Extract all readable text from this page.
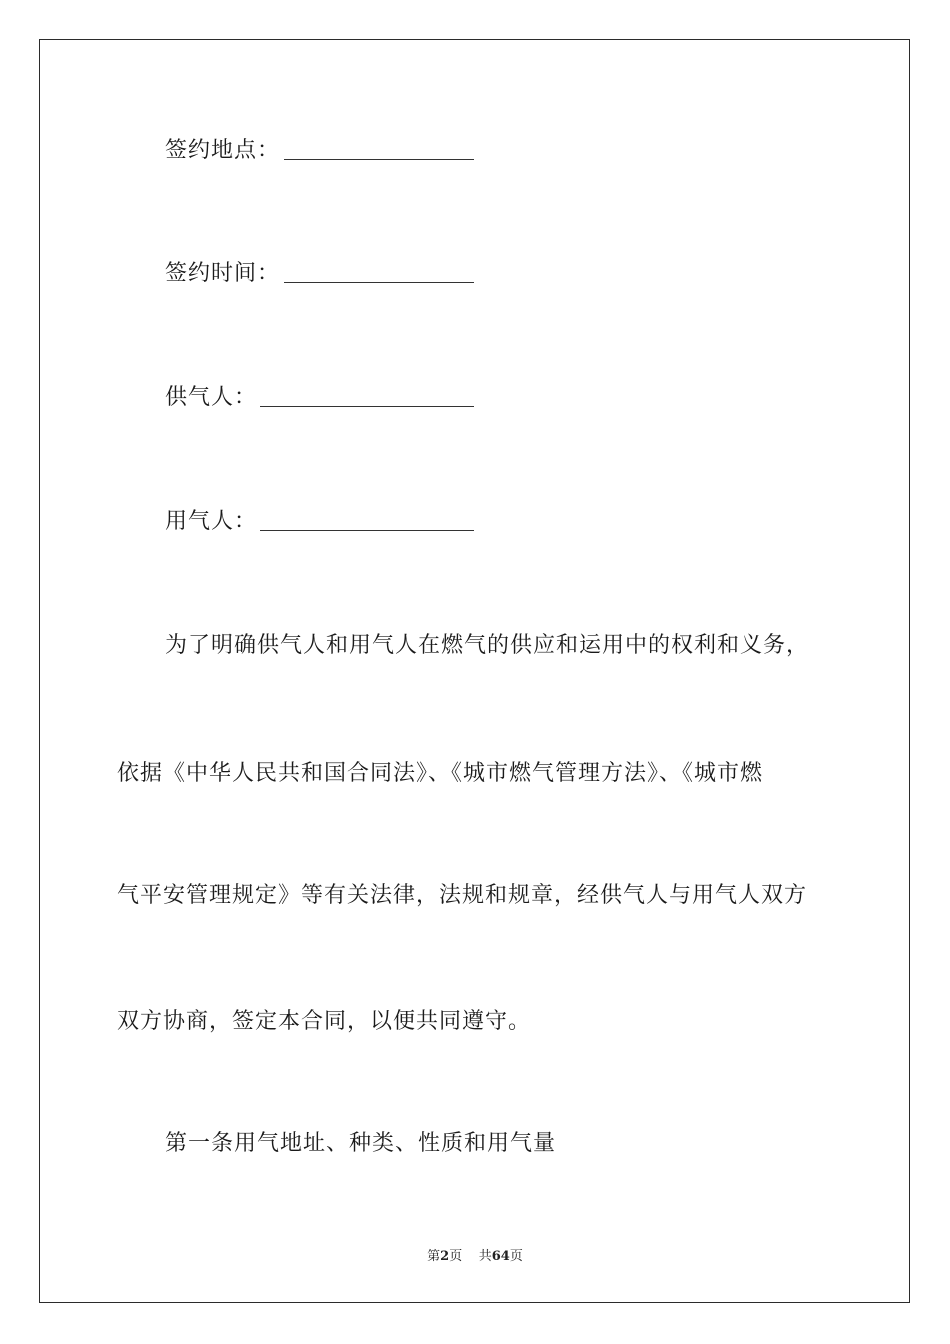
签约地点：
签约时间：
供气人：
用气人：
为了明确供气人和用气人在燃气的供应和运用中的权利和义务，
依据《中华人民共和国合同法》、《城市燃气管理方法》、《城市燃
气平安管理规定》等有关法律，法规和规章，经供气人与用气人双方
双方协商，签定本合同，以便共同遵守。
第一条用气地址、种类、性质和用气量
第2页 共64页
